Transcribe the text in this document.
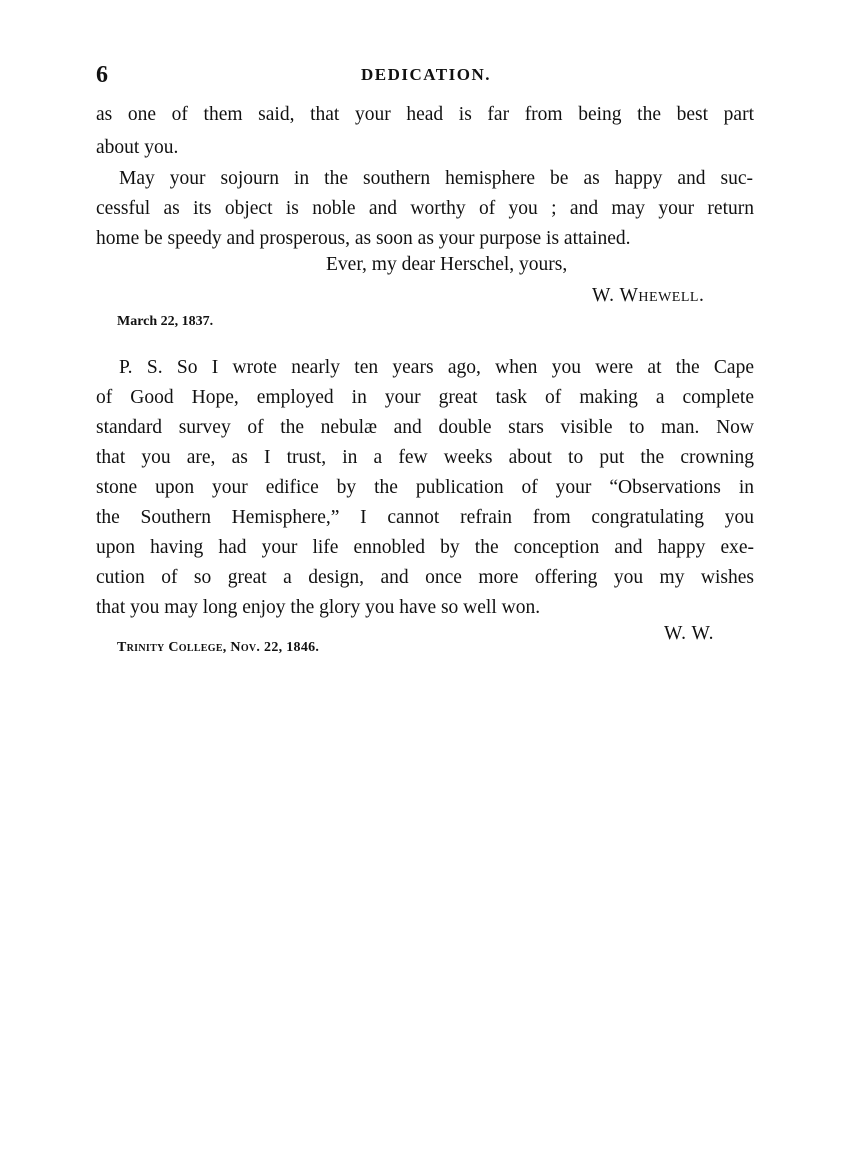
6	DEDICATION.
as one of them said, that your head is far from being the best part
about you.
May your sojourn in the southern hemisphere be as happy and suc-
cessful as its object is noble and worthy of you ; and may your return
home be speedy and prosperous, as soon as your purpose is attained.
Ever, my dear Herschel, yours,
W. Whewell.
March 22, 1837.
P. S. So I wrote nearly ten years ago, when you were at the Cape
of Good Hope, employed in your great task of making a complete
standard survey of the nebulæ and double stars visible to man. Now
that you are, as I trust, in a few weeks about to put the crowning
stone upon your edifice by the publication of your “Observations in
the Southern Hemisphere,” I cannot refrain from congratulating you
upon having had your life ennobled by the conception and happy exe-
cution of so great a design, and once more offering you my wishes
that you may long enjoy the glory you have so well won.
W. W.
Trinity College, Nov. 22, 1846.
